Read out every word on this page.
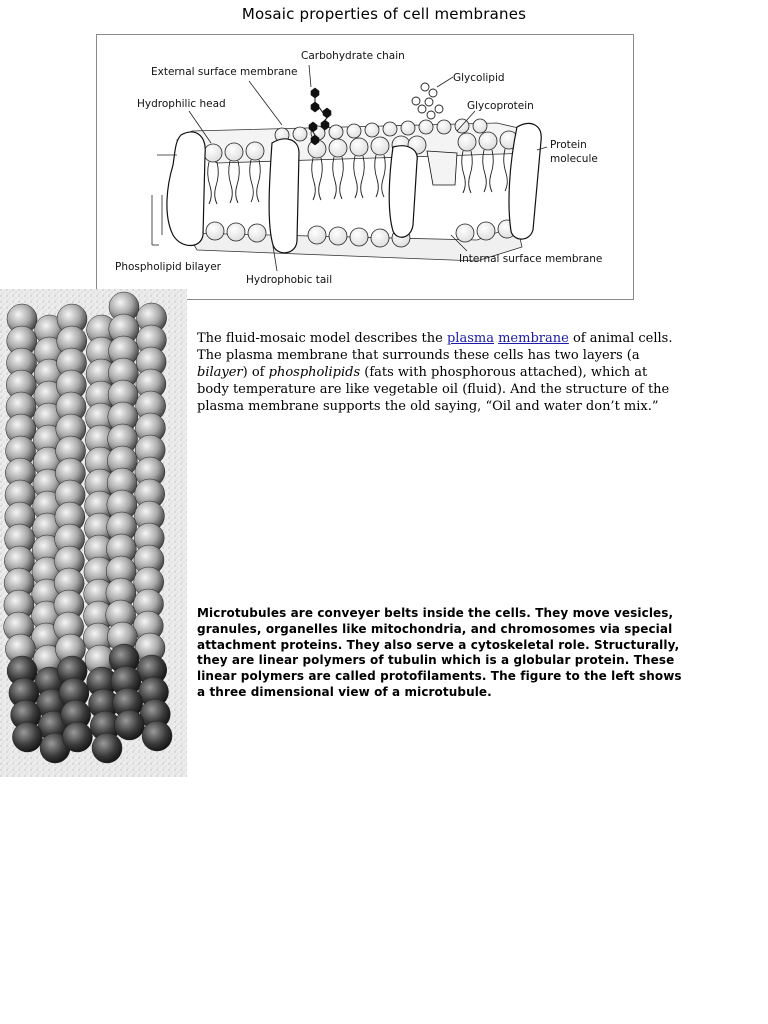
Mosaic properties of cell membranes
Carbohydrate chain
External surface membrane	Glycolipid
Hydrophilic head	Glycoprotein
Protein
molecule
Phospholipid bilayer
Hydrophobic tail
Internal surface membrane

The fluid-mosaic model describes the plasma membrane of animal cells. The plasma membrane that surrounds these cells has two layers (a bilayer) of phospholipids (fats with phosphorous attached), which at body temperature are like vegetable oil (fluid). And the structure of the plasma membrane supports the old saying, “Oil and water don’t mix.”

Microtubules are conveyer belts inside the cells. They move vesicles, granules, organelles like mitochondria, and chromosomes via special attachment proteins. They also serve a cytoskeletal role. Structurally, they are linear polymers of tubulin which is a globular protein. These linear polymers are called protofilaments. The figure to the left shows a three dimensional view of a microtubule.
